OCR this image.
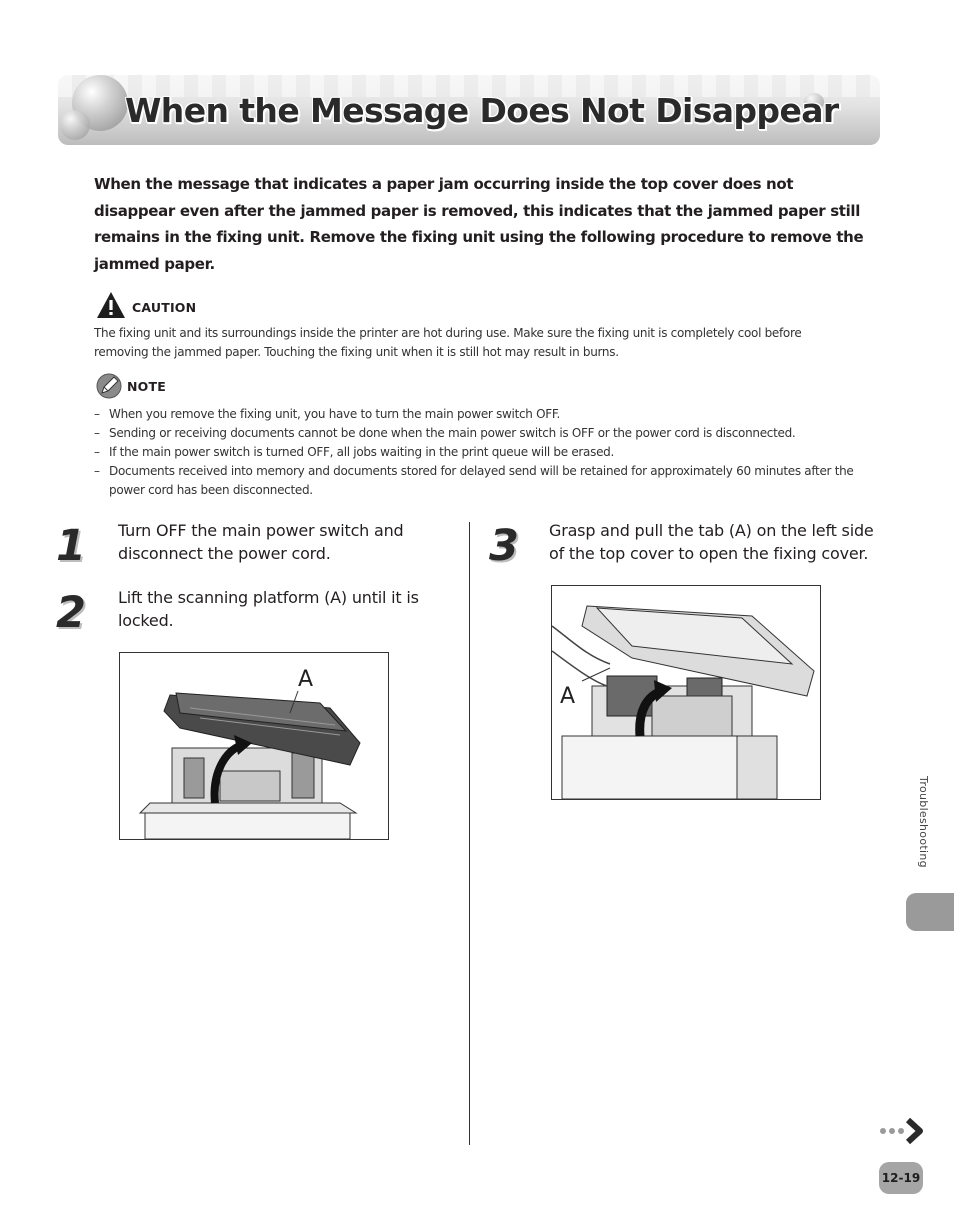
When the Message Does Not Disappear

When the message that indicates a paper jam occurring inside the top cover does not disappear even after the jammed paper is removed, this indicates that the jammed paper still remains in the fixing unit. Remove the fixing unit using the following procedure to remove the jammed paper.

CAUTION

The fixing unit and its surroundings inside the printer are hot during use. Make sure the fixing unit is completely cool before removing the jammed paper. Touching the fixing unit when it is still hot may result in burns.

NOTE
– When you remove the fixing unit, you have to turn the main power switch OFF.
– Sending or receiving documents cannot be done when the main power switch is OFF or the power cord is disconnected.
– If the main power switch is turned OFF, all jobs waiting in the print queue will be erased.
– Documents received into memory and documents stored for delayed send will be retained for approximately 60 minutes after the power cord has been disconnected.
1 Turn OFF the main power switch and disconnect the power cord.

2 Lift the scanning platform (A) until it is locked.

A
3 Grasp and pull the tab (A) on the left side of the top cover to open the fixing cover.

A
Troubleshooting
12-19
